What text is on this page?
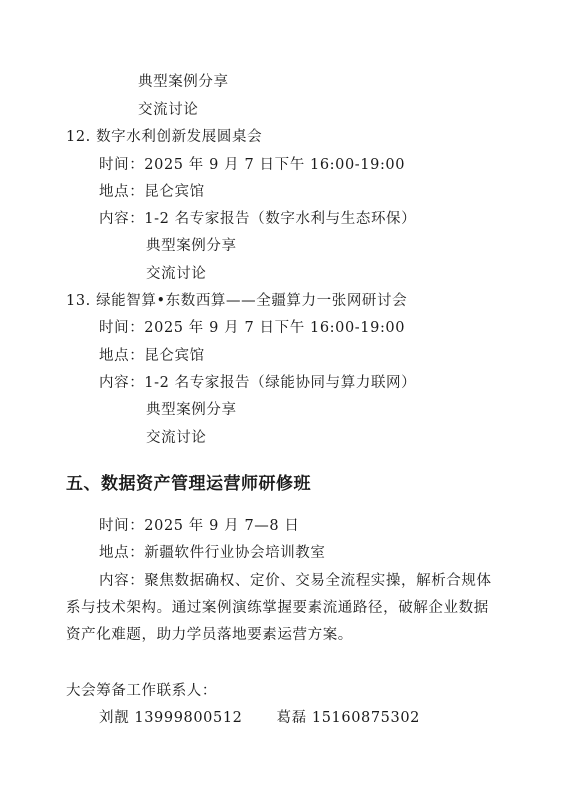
典型案例分享
交流讨论
12. 数字水利创新发展圆桌会
时间：2025 年 9 月 7 日下午 16:00-19:00
地点：昆仑宾馆
内容：1-2 名专家报告（数字水利与生态环保）
典型案例分享
交流讨论
13. 绿能智算•东数西算——全疆算力一张网研讨会
时间：2025 年 9 月 7 日下午 16:00-19:00
地点：昆仑宾馆
内容：1-2 名专家报告（绿能协同与算力联网）
典型案例分享
交流讨论
五、数据资产管理运营师研修班
时间：2025 年 9 月 7—8 日
地点：新疆软件行业协会培训教室
内容：聚焦数据确权、定价、交易全流程实操，解析合规体
系与技术架构。通过案例演练掌握要素流通路径，破解企业数据
资产化难题，助力学员落地要素运营方案。
大会筹备工作联系人：
刘靓 13999800512 葛磊 15160875302
